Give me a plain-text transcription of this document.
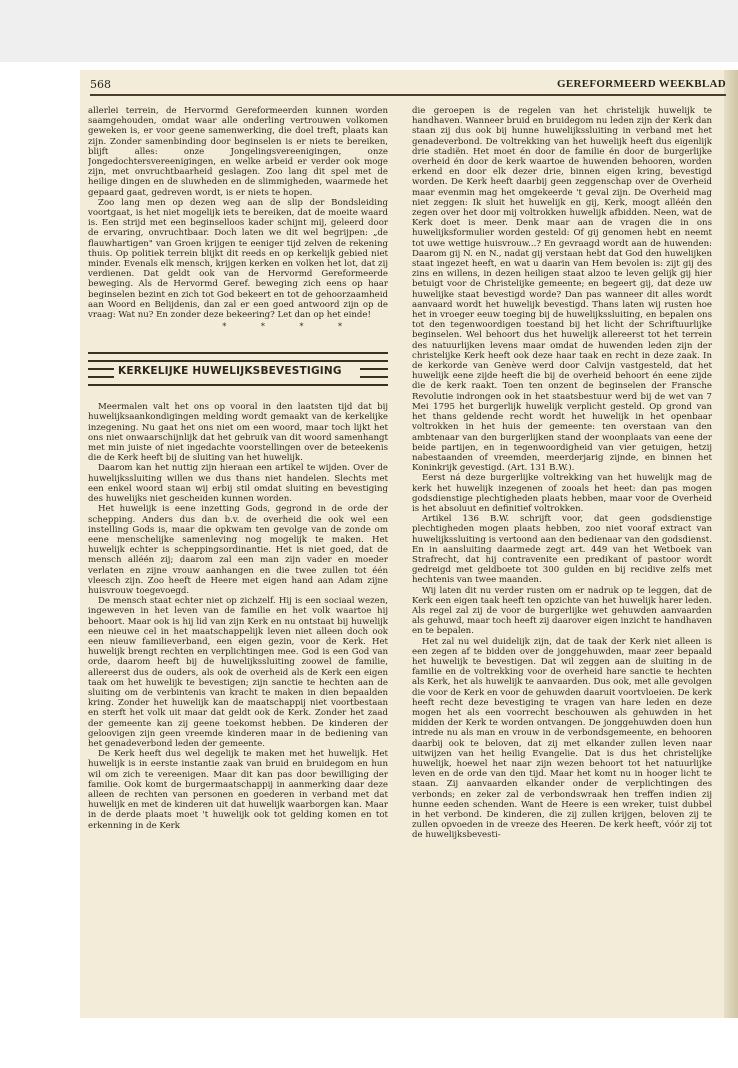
568	GEREFORMEERD WEEKBLAD

allerlei terrein, de Hervormd Gereformeerden kunnen worden saamgehouden, omdat waar alle onderling vertrouwen volkomen geweken is, er voor geene samenwerking, die doel treft, plaats kan zijn. Zonder samenbinding door beginselen is er niets te bereiken, blijft alles: onze Jongelingsvereenigingen, onze Jongedochtersvereenigingen, en welke arbeid er verder ook moge zijn, met onvruchtbaarheid geslagen. Zoo lang dit spel met de heilige dingen en de sluwheden en de slimmigheden, waarmede het gepaard gaat, gedreven wordt, is er niets te hopen.

Zoo lang men op dezen weg aan de slip der Bondsleiding voortgaat, is het niet mogelijk iets te bereiken, dat de moeite waard is. Een strijd met een beginselloos kader schijnt mij, geleerd door de ervaring, onvruchtbaar. Doch laten we dit wel begrijpen: „de flauwhartigen" van Groen krijgen te eeniger tijd zelven de rekening thuis. Op politiek terrein blijkt dit reeds en op kerkelijk gebied niet minder. Evenals elk mensch, krijgen kerken en volken het lot, dat zij verdienen. Dat geldt ook van de Hervormd Gereformeerde beweging. Als de Hervormd Geref. beweging zich eens op haar beginselen bezint en zich tot God bekeert en tot de gehoorzaamheid aan Woord en Belijdenis, dan zal er een goed antwoord zijn op de vraag: Wat nu? En zonder deze bekeering? Let dan op het einde!

* * * *
KERKELIJKE HUWELIJKSBEVESTIGING

Meermalen valt het ons op vooral in den laatsten tijd dat bij huwelijksaankondigingen melding wordt gemaakt van de kerkelijke inzegening. Nu gaat het ons niet om een woord, maar toch lijkt het ons niet onwaarschijnlijk dat het gebruik van dit woord samenhangt met min juiste of niet ingedachte voorstellingen over de beteekenis die de Kerk heeft bij de sluiting van het huwelijk.

Daarom kan het nuttig zijn hieraan een artikel te wijden. Over de huwelijkssluiting willen we dus thans niet handelen. Slechts met een enkel woord staan wij erbij stil omdat sluiting en bevestiging des huwelijks niet gescheiden kunnen worden.

Het huwelijk is eene inzetting Gods, gegrond in de orde der schepping. Anders dus dan b.v. de overheid die ook wel een instelling Gods is, maar die opkwam ten gevolge van de zonde om eene menschelijke samenleving nog mogelijk te maken. Het huwelijk echter is scheppingsordinantie. Het is niet goed, dat de mensch alléén zij; daarom zal een man zijn vader en moeder verlaten en zijne vrouw aanhangen en die twee zullen tot één vleesch zijn. Zoo heeft de Heere met eigen hand aan Adam zijne huisvrouw toegevoegd.

De mensch staat echter niet op zichzelf. Hij is een sociaal wezen, ingeweven in het leven van de familie en het volk waartoe hij behoort. Maar ook is hij lid van zijn Kerk en nu ontstaat bij huwelijk een nieuwe cel in het maatschappelijk leven niet alleen doch ook een nieuw familieverband, een eigen gezin, voor de Kerk. Het huwelijk brengt rechten en verplichtingen mee. God is een God van orde, daarom heeft bij de huwelijkssluiting zoowel de familie, allereerst dus de ouders, als ook de overheid als de Kerk een eigen taak om het huwelijk te bevestigen; zijn sanctie te hechten aan de sluiting om de verbintenis van kracht te maken in dien bepaalden kring. Zonder het huwelijk kan de maatschappij niet voortbestaan en sterft het volk uit maar dat geldt ook de Kerk. Zonder het zaad der gemeente kan zij geene toekomst hebben. De kinderen der geloovigen zijn geen vreemde kinderen maar in de bediening van het genadeverbond leden der gemeente.

De Kerk heeft dus wel degelijk te maken met het huwelijk. Het huwelijk is in eerste instantie zaak van bruid en bruidegom en hun wil om zich te vereenigen. Maar dit kan pas door bewilliging der familie. Ook komt de burgermaatschappij in aanmerking daar deze alleen de rechten van personen en goederen in verband met dat huwelijk en met de kinderen uit dat huwelijk waarborgen kan. Maar in de derde plaats moet 't huwelijk ook tot gelding komen en tot erkenning in de Kerk

die geroepen is de regelen van het christelijk huwelijk te handhaven. Wanneer bruid en bruidegom nu leden zijn der Kerk dan staan zij dus ook bij hunne huwelijkssluiting in verband met het genadeverbond. De voltrekking van het huwelijk heeft dus eigenlijk drie stadiën. Het moet én door de familie én door de burgerlijke overheid én door de kerk waartoe de huwenden behooren, worden erkend en door elk dezer drie, binnen eigen kring, bevestigd worden. De Kerk heeft daarbij geen zeggenschap over de Overheid maar evenmin mag het omgekeerde 't geval zijn. De Overheid mag niet zeggen: Ik sluit het huwelijk en gij, Kerk, moogt alléén den zegen over het door mij voltrokken huwelijk afbidden. Neen, wat de Kerk doet is meer. Denk maar aan de vragen die in ons huwelijksformulier worden gesteld: Of gij genomen hebt en neemt tot uwe wettige huisvrouw...? En gevraagd wordt aan de huwenden: Daarom gij N. en N., nadat gij verstaan hebt dat God den huwelijken staat ingezet heeft, en wat u daarin van Hem bevolen is: zijt gij des zins en willens, in dezen heiligen staat alzoo te leven gelijk gij hier betuigt voor de Christelijke gemeente; en begeert gij, dat deze uw huwelijke staat bevestigd worde? Dan pas wanneer dit alles wordt aanvaard wordt het huwelijk bevestigd. Thans laten wij rusten hoe het in vroeger eeuw toeging bij de huwelijkssluiting, en bepalen ons tot den tegenwoordigen toestand bij het licht der Schriftuurlijke beginselen. Wel behoort dus het huwelijk allereerst tot het terrein des natuurlijken levens maar omdat de huwenden leden zijn der christelijke Kerk heeft ook deze haar taak en recht in deze zaak. In de kerkorde van Genève werd door Calvijn vastgesteld, dat het huwelijk eene zijde heeft die bij de overheid behoort én eene zijde die de kerk raakt. Toen ten onzent de beginselen der Fransche Revolutie indrongen ook in het staatsbestuur werd bij de wet van 7 Mei 1795 het burgerlijk huwelijk verplicht gesteld. Op grond van het thans geldende recht wordt het huwelijk in het openbaar voltrokken in het huis der gemeente: ten overstaan van den ambtenaar van den burgerlijken stand der woonplaats van eene der beide partijen, en in tegenwoordigheid van vier getuigen, hetzij nabestaanden of vreemden, meerderjarig zijnde, en binnen het Koninkrijk gevestigd. (Art. 131 B.W.).

Eerst ná deze burgerlijke voltrekking van het huwelijk mag de kerk het huwelijk inzegenen of zooals het heet: dan pas mogen godsdienstige plechtigheden plaats hebben, maar voor de Overheid is het absoluut en definitief voltrokken.

Artikel 136 B.W. schrijft voor, dat geen godsdienstige plechtigheden mogen plaats hebben, zoo niet vooraf extract van huwelijkssluiting is vertoond aan den bedienaar van den godsdienst. En in aansluiting daarmede zegt art. 449 van het Wetboek van Strafrecht, dat hij contravenite een predikant of pastoor wordt gedreigd met geldboete tot 300 gulden en bij recidive zelfs met hechtenis van twee maanden.

Wij laten dit nu verder rusten om er nadruk op te leggen, dat de Kerk een eigen taak heeft ten opzichte van het huwelijk harer leden. Als regel zal zij de voor de burgerlijke wet gehuwden aanvaarden als gehuwd, maar toch heeft zij daarover eigen inzicht te handhaven en te bepalen.

Het zal nu wel duidelijk zijn, dat de taak der Kerk niet alleen is een zegen af te bidden over de jonggehuwden, maar zeer bepaald het huwelijk te bevestigen. Dat wil zeggen aan de sluiting in de familie en de voltrekking voor de overheid hare sanctie te hechten als Kerk, het als huwelijk te aanvaarden. Dus ook, met alle gevolgen die voor de Kerk en voor de gehuwden daaruit voortvloeien. De kerk heeft recht deze bevestiging te vragen van hare leden en deze mogen het als een voorrecht beschouwen als gehuwden in het midden der Kerk te worden ontvangen. De jonggehuwden doen hun intrede nu als man en vrouw in de verbondsgemeente, en behooren daarbij ook te beloven, dat zij met elkander zullen leven naar uitwijzen van het heilig Evangelie. Dat is dus het christelijke huwelijk, hoewel het naar zijn wezen behoort tot het natuurlijke leven en de orde van den tijd. Maar het komt nu in hooger licht te staan. Zij aanvaarden elkander onder de verplichtingen des verbonds; en zeker zal de verbondswraak hen treffen indien zij hunne eeden schenden. Want de Heere is een wreker, tuist dubbel in het verbond. De kinderen, die zij zullen krijgen, beloven zij te zullen opvoeden in de vreeze des Heeren. De kerk heeft, vóór zij tot de huwelijksbevesti-
